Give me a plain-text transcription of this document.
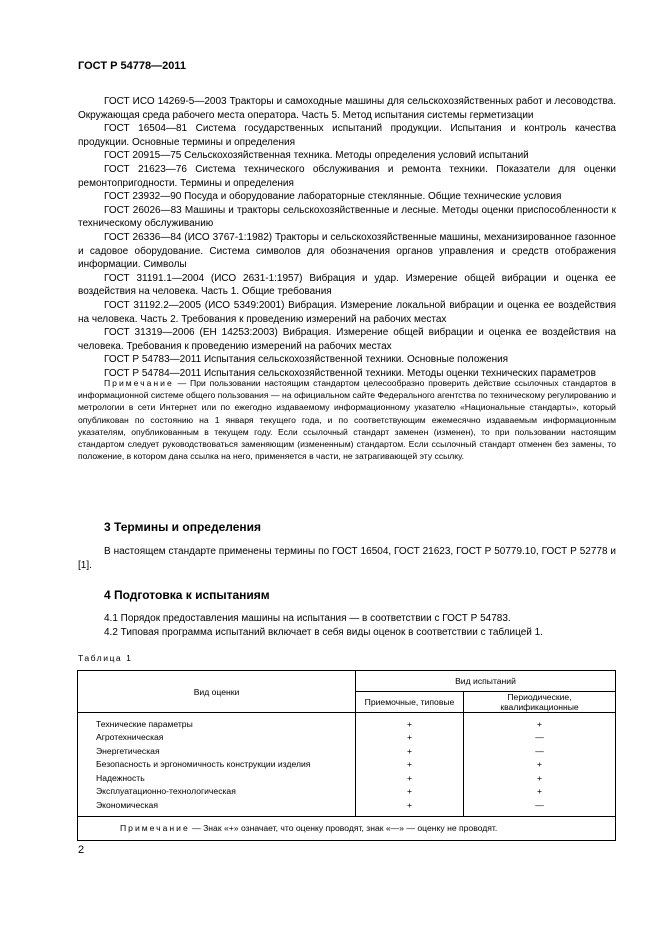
ГОСТ Р 54778—2011

ГОСТ ИСО 14269-5—2003 Тракторы и самоходные машины для сельскохозяйственных работ и лесоводства. Окружающая среда рабочего места оператора. Часть 5. Метод испытания системы герметизации

ГОСТ 16504—81 Система государственных испытаний продукции. Испытания и контроль качества продукции. Основные термины и определения

ГОСТ 20915—75 Сельскохозяйственная техника. Методы определения условий испытаний

ГОСТ 21623—76 Система технического обслуживания и ремонта техники. Показатели для оценки ремонтопригодности. Термины и определения

ГОСТ 23932—90 Посуда и оборудование лабораторные стеклянные. Общие технические условия

ГОСТ 26026—83 Машины и тракторы сельскохозяйственные и лесные. Методы оценки приспособленности к техническому обслуживанию

ГОСТ 26336—84 (ИСО 3767-1:1982) Тракторы и сельскохозяйственные машины, механизированное газонное и садовое оборудование. Система символов для обозначения органов управления и средств отображения информации. Символы

ГОСТ 31191.1—2004 (ИСО 2631-1:1957) Вибрация и удар. Измерение общей вибрации и оценка ее воздействия на человека. Часть 1. Общие требования

ГОСТ 31192.2—2005 (ИСО 5349:2001) Вибрация. Измерение локальной вибрации и оценка ее воздействия на человека. Часть 2. Требования к проведению измерений на рабочих местах

ГОСТ 31319—2006 (ЕН 14253:2003) Вибрация. Измерение общей вибрации и оценка ее воздействия на человека. Требования к проведению измерений на рабочих местах

ГОСТ Р 54783—2011 Испытания сельскохозяйственной техники. Основные положения

ГОСТ Р 54784—2011 Испытания сельскохозяйственной техники. Методы оценки технических параметров

Примечание — При пользовании настоящим стандартом целесообразно проверить действие ссылочных стандартов в информационной системе общего пользования — на официальном сайте Федерального агентства по техническому регулированию и метрологии в сети Интернет или по ежегодно издаваемому информационному указателю «Национальные стандарты», который опубликован по состоянию на 1 января текущего года, и по соответствующим ежемесячно издаваемым информационным указателям, опубликованным в текущем году. Если ссылочный стандарт заменен (изменен), то при пользовании настоящим стандартом следует руководствоваться заменяющим (измененным) стандартом. Если ссылочный стандарт отменен без замены, то положение, в котором дана ссылка на него, применяется в части, не затрагивающей эту ссылку.
3 Термины и определения

В настоящем стандарте применены термины по ГОСТ 16504, ГОСТ 21623, ГОСТ Р 50779.10, ГОСТ Р 52778 и [1].

4 Подготовка к испытаниям

4.1 Порядок предоставления машины на испытания — в соответствии с ГОСТ Р 54783.

4.2 Типовая программа испытаний включает в себя виды оценок в соответствии с таблицей 1.

Таблица 1
Вид оценки	Вид испытаний	
	Приемочные, типовые	Периодические, квалификационные
Технические параметры	+	+
Агротехническая	+	—
Энергетическая	+	—
Безопасность и эргономичность конструкции изделия	+	+
Надежность	+	+
Эксплуатационно-технологическая	+	+
Экономическая	+	—
Примечание — Знак «+» означает, что оценку проводят, знак «—» — оценку не проводят.		
2
